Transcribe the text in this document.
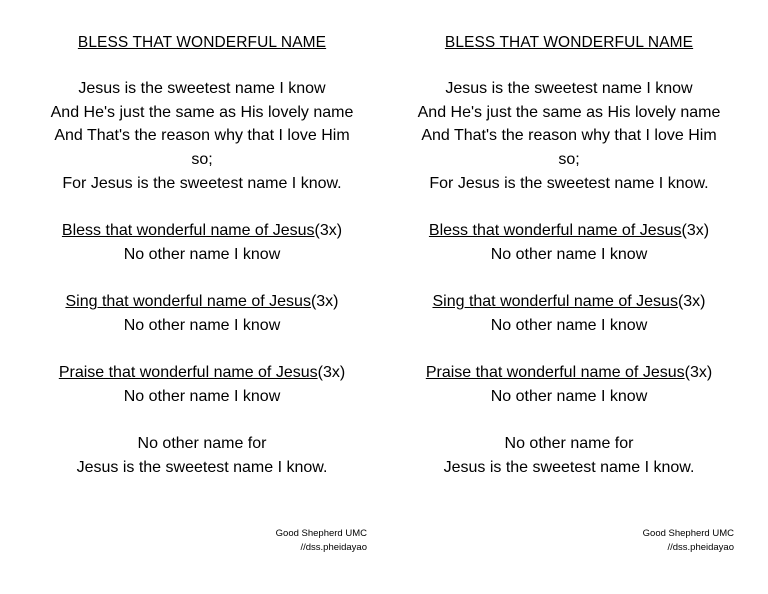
BLESS THAT WONDERFUL NAME
Jesus is the sweetest name I know
And He's just the same as His lovely name
And That's the reason why that I love Him
so;
For Jesus is the sweetest name I know.
Bless that wonderful name of Jesus(3x)
No other name I know
Sing that wonderful name of Jesus(3x)
No other name I know
Praise that wonderful name of Jesus(3x)
No other name I know
No other name for
Jesus is the sweetest name I know.
Good Shepherd UMC
//dss.pheidayao
BLESS THAT WONDERFUL NAME
Jesus is the sweetest name I know
And He's just the same as His lovely name
And That's the reason why that I love Him
so;
For Jesus is the sweetest name I know.
Bless that wonderful name of Jesus(3x)
No other name I know
Sing that wonderful name of Jesus(3x)
No other name I know
Praise that wonderful name of Jesus(3x)
No other name I know
No other name for
Jesus is the sweetest name I know.
Good Shepherd UMC
//dss.pheidayao
